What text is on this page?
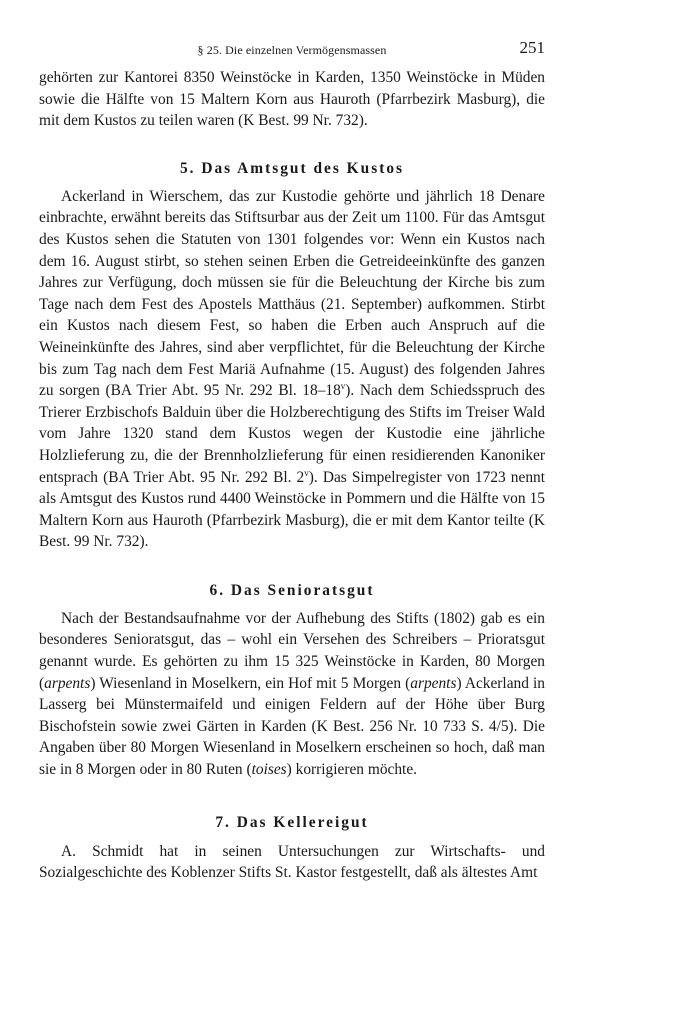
§ 25. Die einzelnen Vermögensmassen	251

gehörten zur Kantorei 8350 Weinstöcke in Karden, 1350 Weinstöcke in Müden sowie die Hälfte von 15 Maltern Korn aus Hauroth (Pfarrbezirk Masburg), die mit dem Kustos zu teilen waren (K Best. 99 Nr. 732).

5. Das Amtsgut des Kustos

Ackerland in Wierschem, das zur Kustodie gehörte und jährlich 18 Denare einbrachte, erwähnt bereits das Stiftsurbar aus der Zeit um 1100. Für das Amtsgut des Kustos sehen die Statuten von 1301 folgendes vor: Wenn ein Kustos nach dem 16. August stirbt, so stehen seinen Erben die Getreideeinkünfte des ganzen Jahres zur Verfügung, doch müssen sie für die Beleuchtung der Kirche bis zum Tage nach dem Fest des Apostels Matthäus (21. September) aufkommen. Stirbt ein Kustos nach diesem Fest, so haben die Erben auch Anspruch auf die Weineinkünfte des Jahres, sind aber verpflichtet, für die Beleuchtung der Kirche bis zum Tag nach dem Fest Mariä Aufnahme (15. August) des folgenden Jahres zu sorgen (BA Trier Abt. 95 Nr. 292 Bl. 18–18$^v$). Nach dem Schiedsspruch des Trierer Erzbischofs Balduin über die Holzberechtigung des Stifts im Treiser Wald vom Jahre 1320 stand dem Kustos wegen der Kustodie eine jährliche Holzlieferung zu, die der Brennholzlieferung für einen residierenden Kanoniker entsprach (BA Trier Abt. 95 Nr. 292 Bl. 2$^v$). Das Simpelregister von 1723 nennt als Amtsgut des Kustos rund 4400 Weinstöcke in Pommern und die Hälfte von 15 Maltern Korn aus Hauroth (Pfarrbezirk Masburg), die er mit dem Kantor teilte (K Best. 99 Nr. 732).

6. Das Senioratsgut

Nach der Bestandsaufnahme vor der Aufhebung des Stifts (1802) gab es ein besonderes Senioratsgut, das – wohl ein Versehen des Schreibers – Prioratsgut genannt wurde. Es gehörten zu ihm 15 325 Weinstöcke in Karden, 80 Morgen (arpents) Wiesenland in Moselkern, ein Hof mit 5 Morgen (arpents) Ackerland in Lasserg bei Münstermaifeld und einigen Feldern auf der Höhe über Burg Bischofstein sowie zwei Gärten in Karden (K Best. 256 Nr. 10 733 S. 4/5). Die Angaben über 80 Morgen Wiesenland in Moselkern erscheinen so hoch, daß man sie in 8 Morgen oder in 80 Ruten (toises) korrigieren möchte.

7. Das Kellereigut

A. Schmidt hat in seinen Untersuchungen zur Wirtschafts- und Sozialgeschichte des Koblenzer Stifts St. Kastor festgestellt, daß als ältestes Amt
